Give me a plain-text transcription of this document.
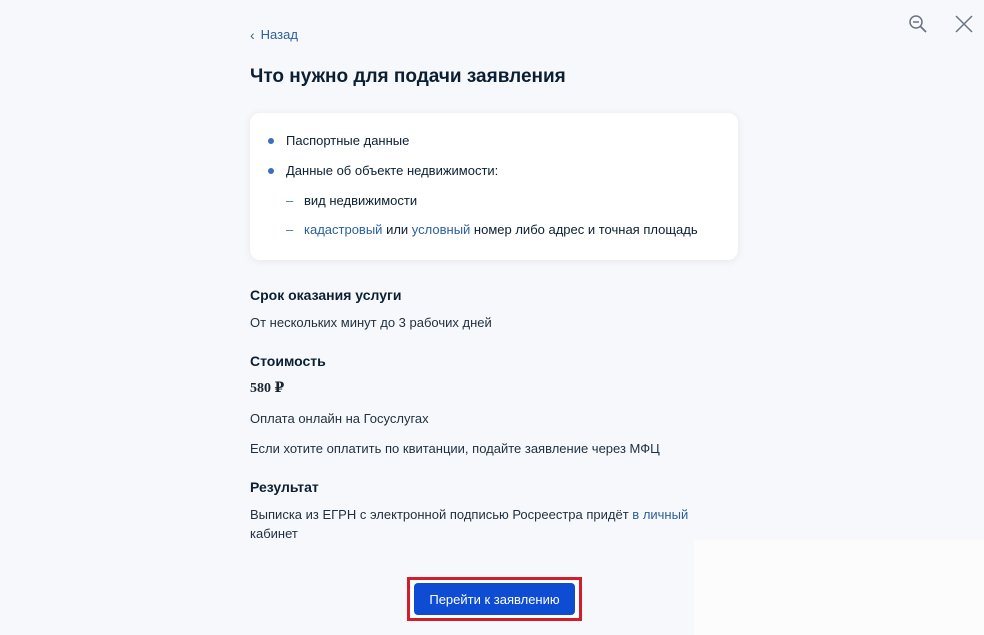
‹ Назад
Что нужно для подачи заявления
Паспортные данные
Данные об объекте недвижимости:
– вид недвижимости
– кадастровый или условный номер либо адрес и точная площадь
Срок оказания услуги
От нескольких минут до 3 рабочих дней
Стоимость
580 ₽
Оплата онлайн на Госуслугах
Если хотите оплатить по квитанции, подайте заявление через МФЦ
Результат
Выписка из ЕГРН с электронной подписью Росреестра придёт в личный
кабинет
Перейти к заявлению
